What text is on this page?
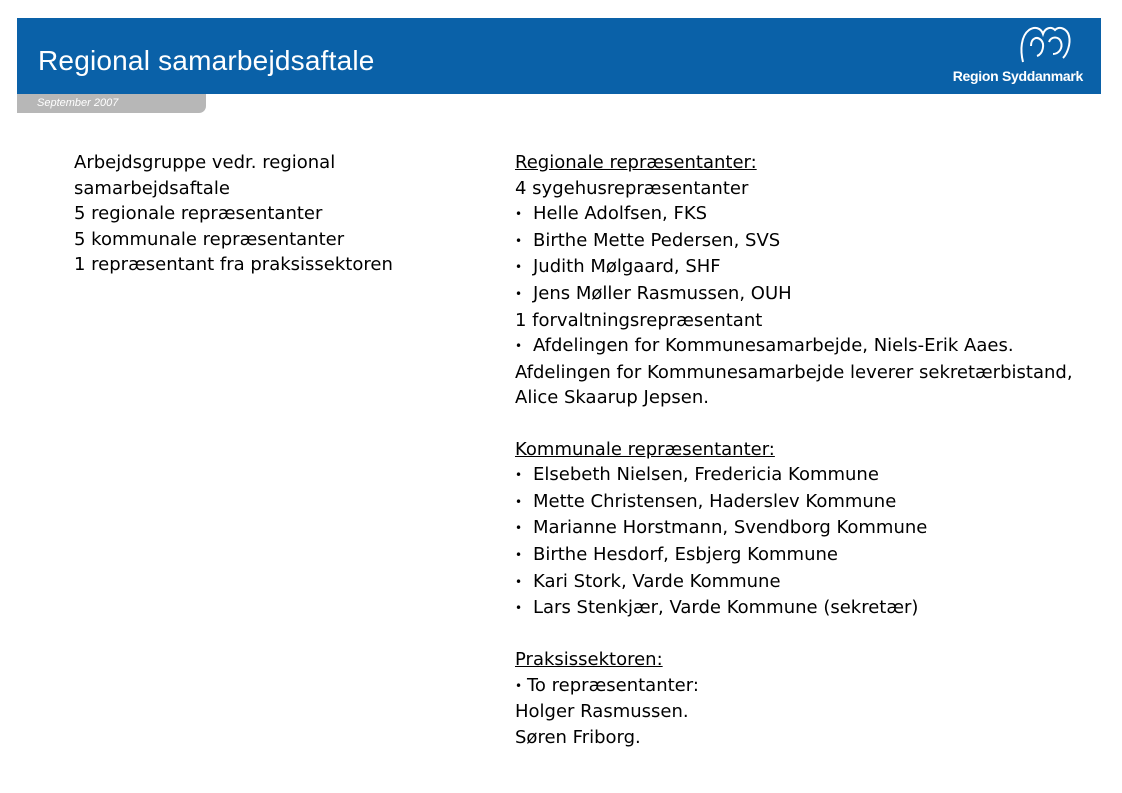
Regional samarbejdsaftale	Region Syddanmark
September 2007
Arbejdsgruppe vedr. regional samarbejdsaftale
5 regionale repræsentanter
5 kommunale repræsentanter
1 repræsentant fra praksissektoren
Regionale repræsentanter:
4 sygehusrepræsentanter
• Helle Adolfsen, FKS
• Birthe Mette Pedersen, SVS
• Judith Mølgaard, SHF
• Jens Møller Rasmussen, OUH
1 forvaltningsrepræsentant
• Afdelingen for Kommunesamarbejde, Niels-Erik Aaes.
Afdelingen for Kommunesamarbejde leverer sekretærbistand, Alice Skaarup Jepsen.
Kommunale repræsentanter:
• Elsebeth Nielsen, Fredericia Kommune
• Mette Christensen, Haderslev Kommune
• Marianne Horstmann, Svendborg Kommune
• Birthe Hesdorf, Esbjerg Kommune
• Kari Stork, Varde Kommune
• Lars Stenkjær, Varde Kommune (sekretær)
Praksissektoren:
• To repræsentanter:
Holger Rasmussen.
Søren Friborg.
